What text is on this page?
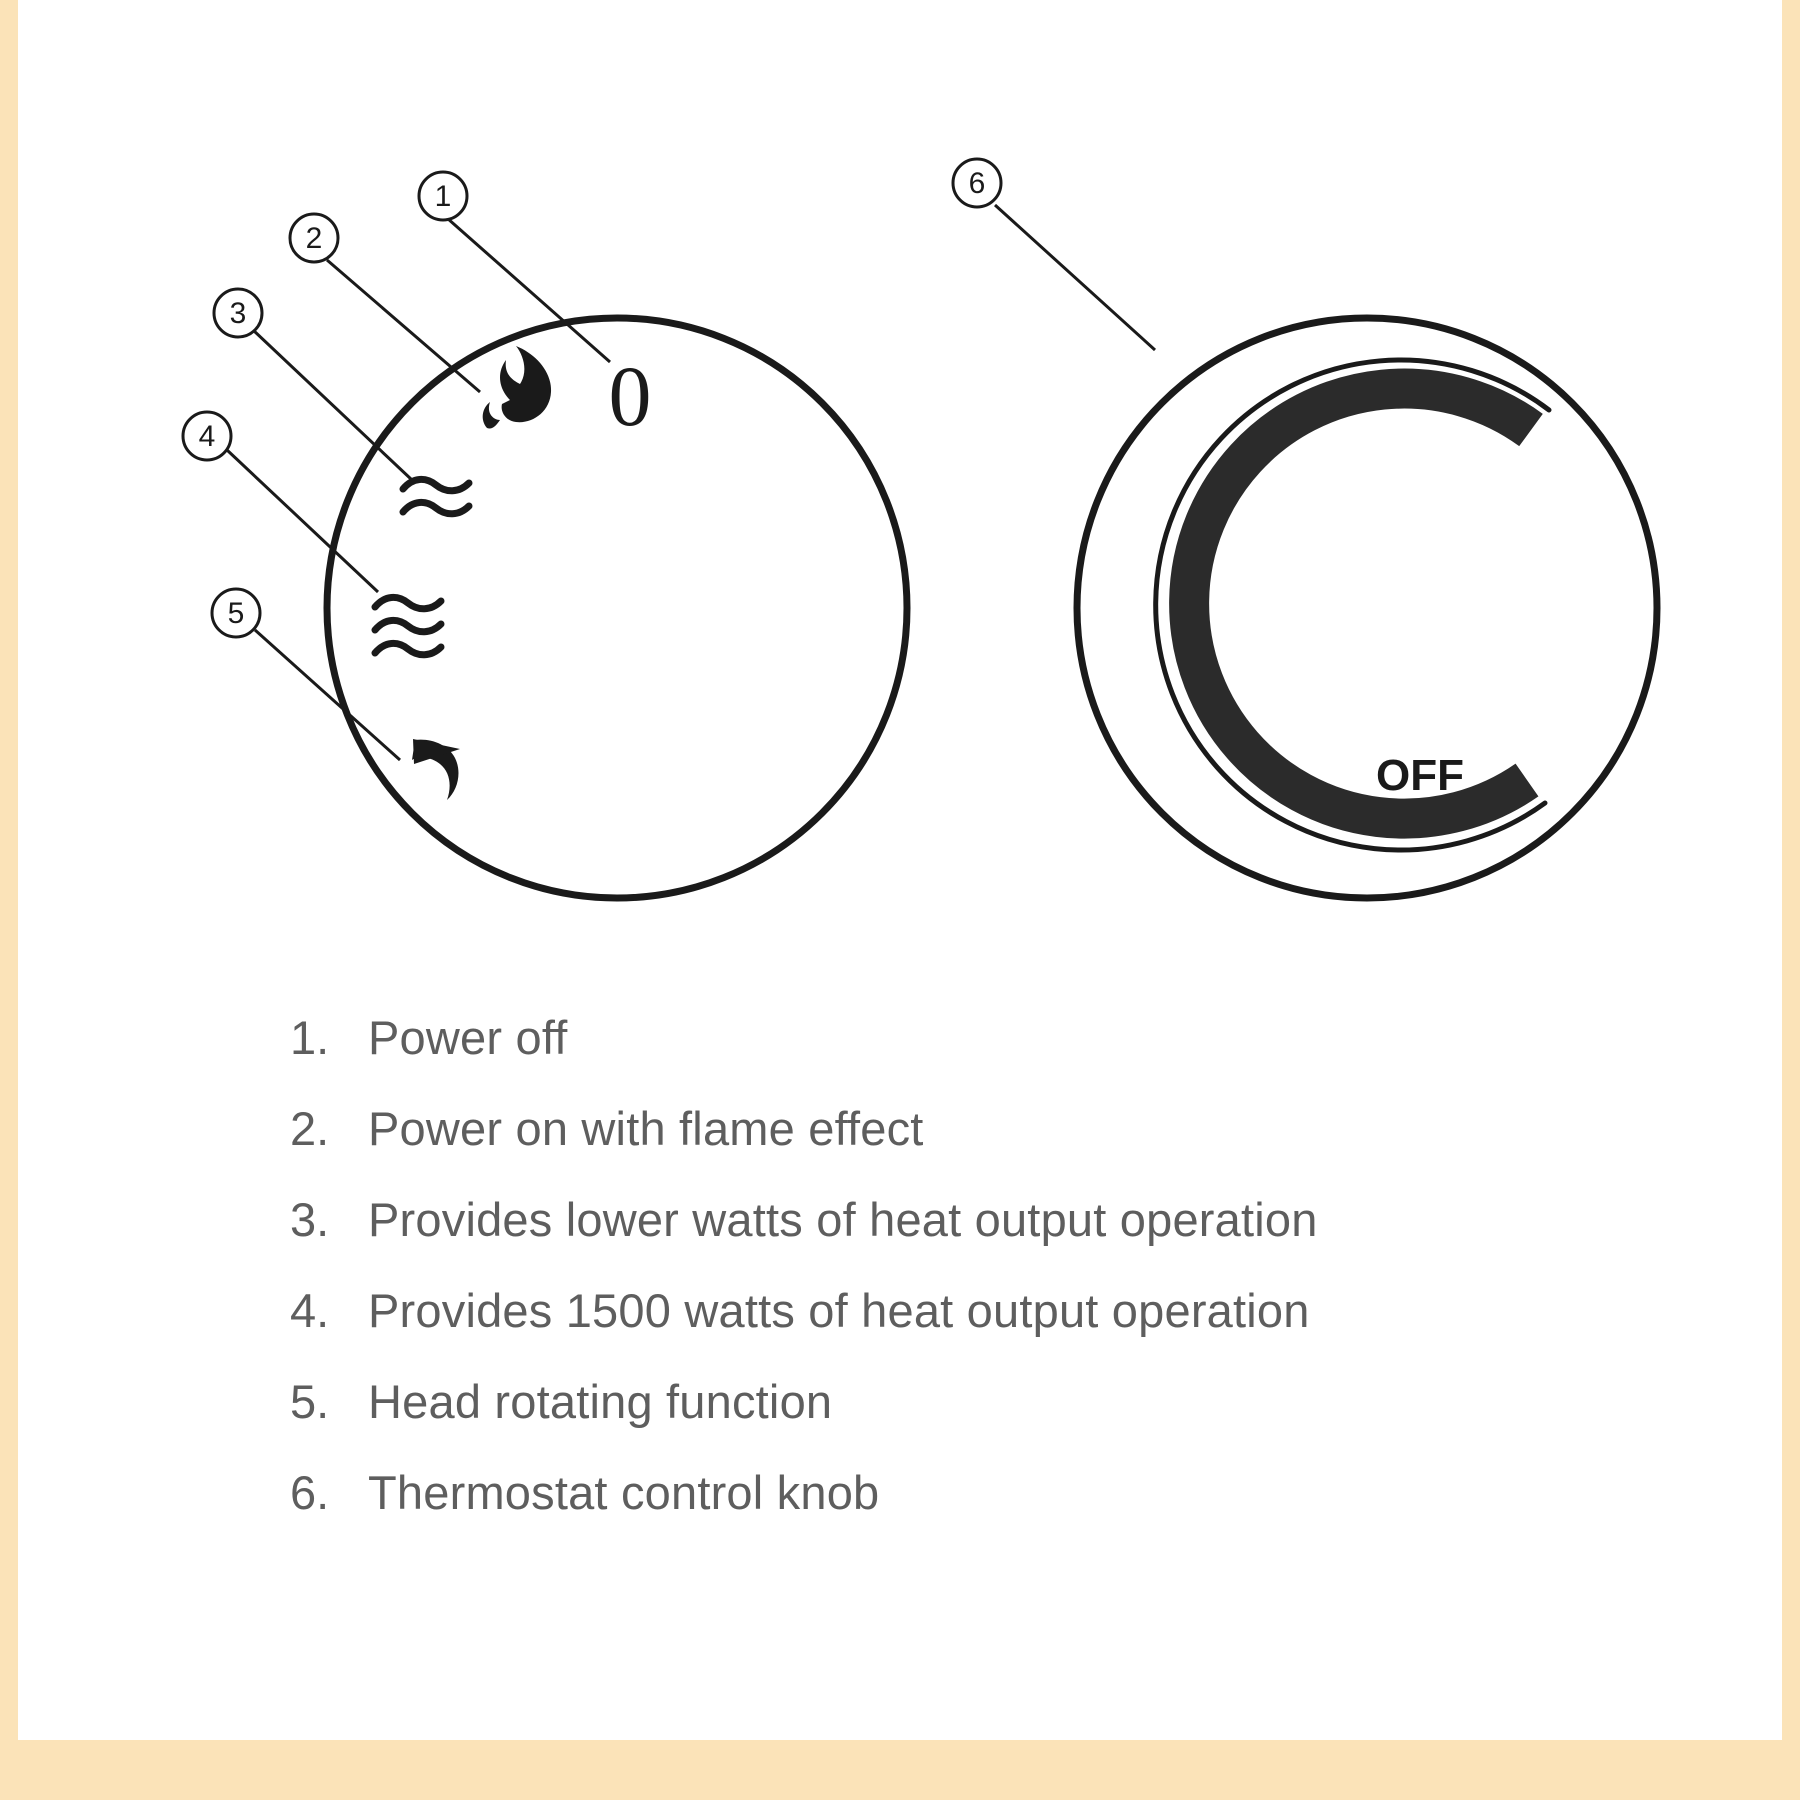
0
1
2
3
4
5
6
OFF
1. Power off
2. Power on with flame effect
3. Provides lower watts of heat output operation
4. Provides 1500 watts of heat output operation
5. Head rotating function
6. Thermostat control knob
